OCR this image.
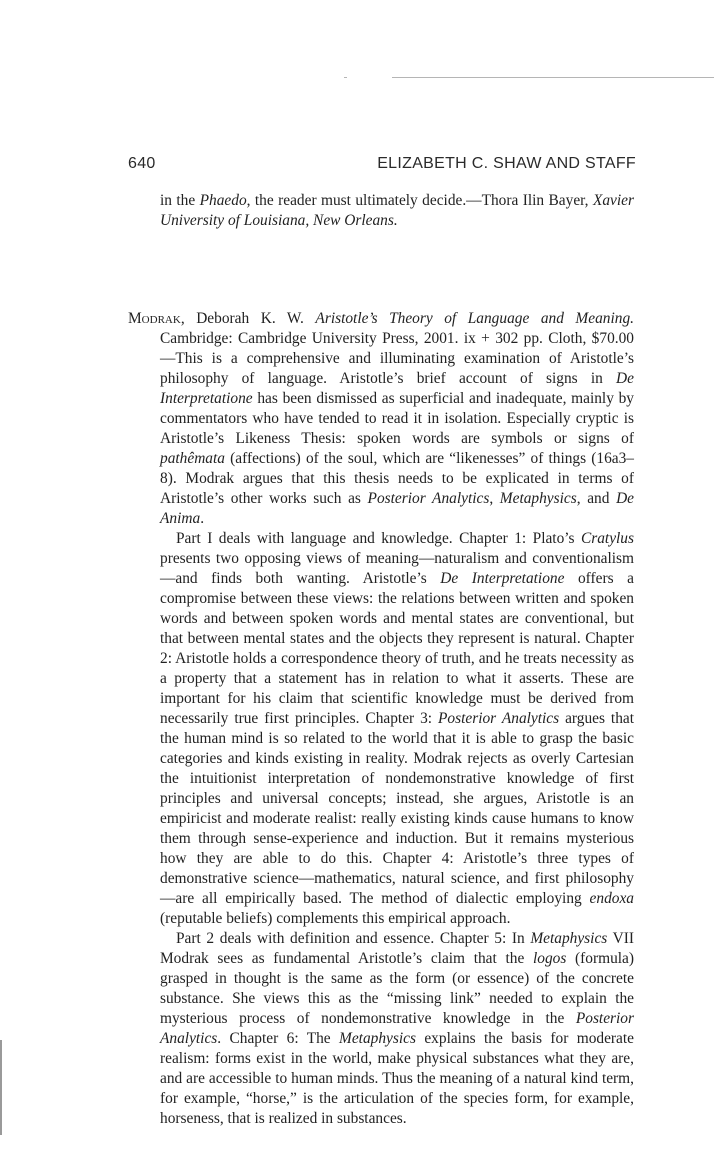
640	ELIZABETH C. SHAW AND STAFF
in the Phaedo, the reader must ultimately decide.—Thora Ilin Bayer, Xavier University of Louisiana, New Orleans.

Modrak, Deborah K. W. Aristotle’s Theory of Language and Meaning. Cambridge: Cambridge University Press, 2001. ix + 302 pp. Cloth, $70.00—This is a comprehensive and illuminating examination of Aristotle’s philosophy of language. Aristotle’s brief account of signs in De Interpretatione has been dismissed as superficial and inadequate, mainly by commentators who have tended to read it in isolation. Especially cryptic is Aristotle’s Likeness Thesis: spoken words are symbols or signs of pathêmata (affections) of the soul, which are “likenesses” of things (16a3–8). Modrak argues that this thesis needs to be explicated in terms of Aristotle’s other works such as Posterior Analytics, Metaphysics, and De Anima.

Part I deals with language and knowledge. Chapter 1: Plato’s Cratylus presents two opposing views of meaning—naturalism and conventionalism—and finds both wanting. Aristotle’s De Interpretatione offers a compromise between these views: the relations between written and spoken words and between spoken words and mental states are conventional, but that between mental states and the objects they represent is natural. Chapter 2: Aristotle holds a correspondence theory of truth, and he treats necessity as a property that a statement has in relation to what it asserts. These are important for his claim that scientific knowledge must be derived from necessarily true first principles. Chapter 3: Posterior Analytics argues that the human mind is so related to the world that it is able to grasp the basic categories and kinds existing in reality. Modrak rejects as overly Cartesian the intuitionist interpretation of nondemonstrative knowledge of first principles and universal concepts; instead, she argues, Aristotle is an empiricist and moderate realist: really existing kinds cause humans to know them through sense-experience and induction. But it remains mysterious how they are able to do this. Chapter 4: Aristotle’s three types of demonstrative science—mathematics, natural science, and first philosophy—are all empirically based. The method of dialectic employing endoxa (reputable beliefs) complements this empirical approach.

Part 2 deals with definition and essence. Chapter 5: In Metaphysics VII Modrak sees as fundamental Aristotle’s claim that the logos (formula) grasped in thought is the same as the form (or essence) of the concrete substance. She views this as the “missing link” needed to explain the mysterious process of nondemonstrative knowledge in the Posterior Analytics. Chapter 6: The Metaphysics explains the basis for moderate realism: forms exist in the world, make physical substances what they are, and are accessible to human minds. Thus the meaning of a natural kind term, for example, “horse,” is the articulation of the species form, for example, horseness, that is realized in substances.
